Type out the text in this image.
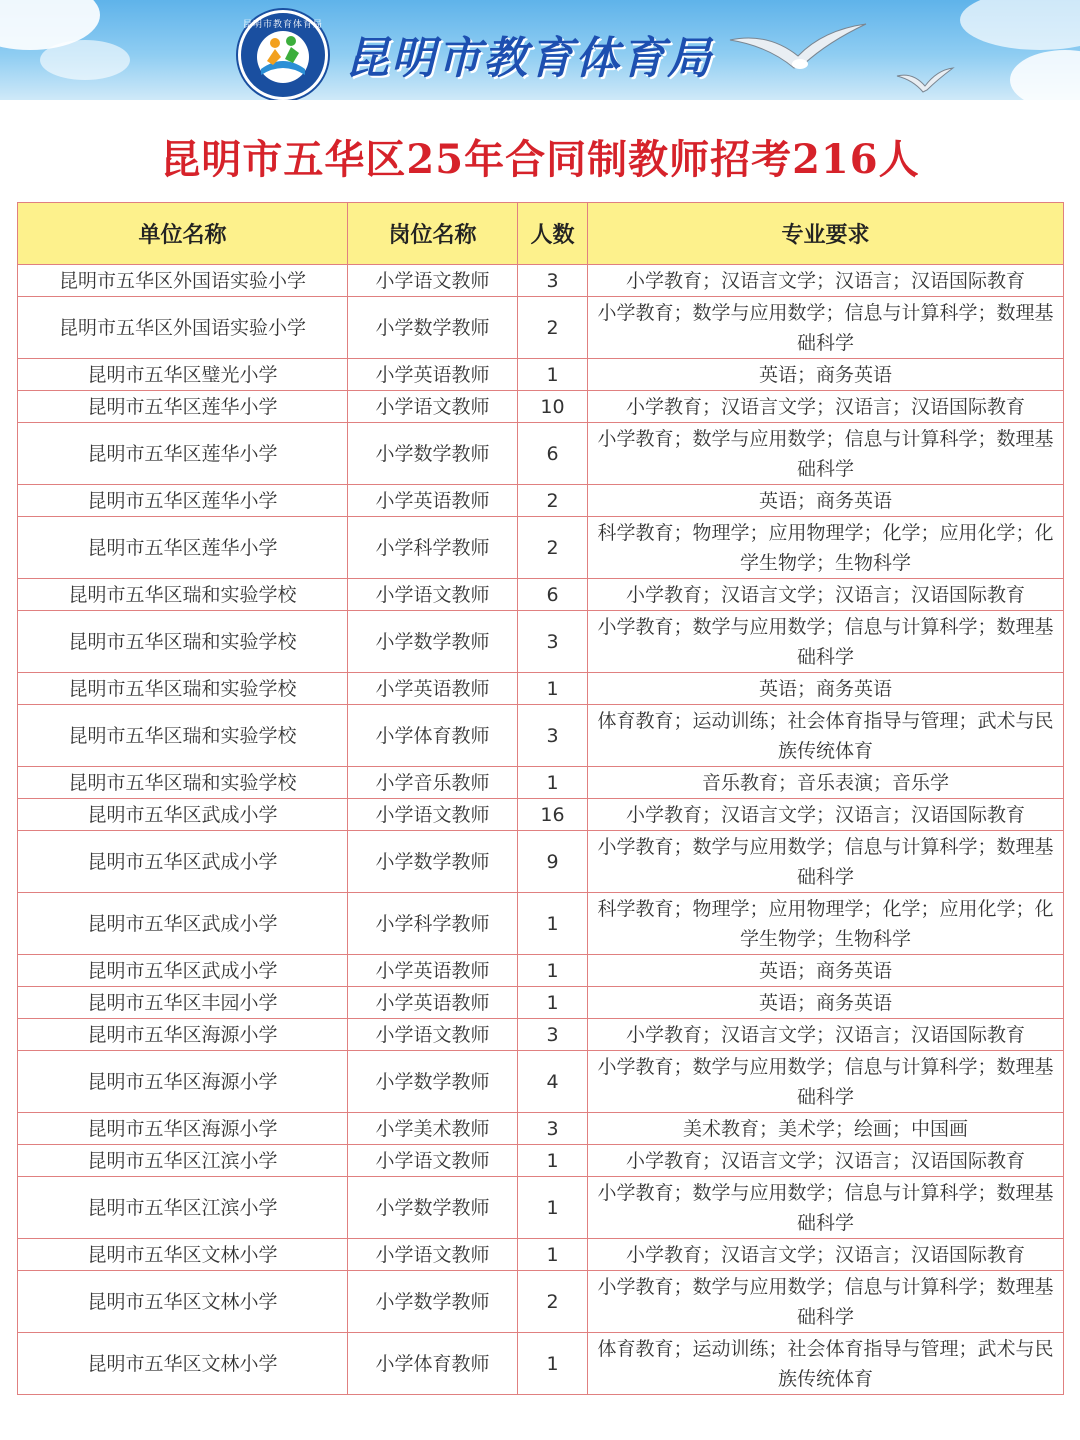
昆明市教育体育局
昆明市教育体育局
昆明市五华区25年合同制教师招考216人
单位名称	岗位名称	人数	专业要求
昆明市五华区外国语实验小学	小学语文教师	3	小学教育；汉语言文学；汉语言；汉语国际教育
昆明市五华区外国语实验小学	小学数学教师	2	小学教育；数学与应用数学；信息与计算科学；数理基础科学
昆明市五华区璧光小学	小学英语教师	1	英语；商务英语
昆明市五华区莲华小学	小学语文教师	10	小学教育；汉语言文学；汉语言；汉语国际教育
昆明市五华区莲华小学	小学数学教师	6	小学教育；数学与应用数学；信息与计算科学；数理基础科学
昆明市五华区莲华小学	小学英语教师	2	英语；商务英语
昆明市五华区莲华小学	小学科学教师	2	科学教育；物理学；应用物理学；化学；应用化学；化学生物学；生物科学
昆明市五华区瑞和实验学校	小学语文教师	6	小学教育；汉语言文学；汉语言；汉语国际教育
昆明市五华区瑞和实验学校	小学数学教师	3	小学教育；数学与应用数学；信息与计算科学；数理基础科学
昆明市五华区瑞和实验学校	小学英语教师	1	英语；商务英语
昆明市五华区瑞和实验学校	小学体育教师	3	体育教育；运动训练；社会体育指导与管理；武术与民族传统体育
昆明市五华区瑞和实验学校	小学音乐教师	1	音乐教育；音乐表演；音乐学
昆明市五华区武成小学	小学语文教师	16	小学教育；汉语言文学；汉语言；汉语国际教育
昆明市五华区武成小学	小学数学教师	9	小学教育；数学与应用数学；信息与计算科学；数理基础科学
昆明市五华区武成小学	小学科学教师	1	科学教育；物理学；应用物理学；化学；应用化学；化学生物学；生物科学
昆明市五华区武成小学	小学英语教师	1	英语；商务英语
昆明市五华区丰园小学	小学英语教师	1	英语；商务英语
昆明市五华区海源小学	小学语文教师	3	小学教育；汉语言文学；汉语言；汉语国际教育
昆明市五华区海源小学	小学数学教师	4	小学教育；数学与应用数学；信息与计算科学；数理基础科学
昆明市五华区海源小学	小学美术教师	3	美术教育；美术学；绘画；中国画
昆明市五华区江滨小学	小学语文教师	1	小学教育；汉语言文学；汉语言；汉语国际教育
昆明市五华区江滨小学	小学数学教师	1	小学教育；数学与应用数学；信息与计算科学；数理基础科学
昆明市五华区文林小学	小学语文教师	1	小学教育；汉语言文学；汉语言；汉语国际教育
昆明市五华区文林小学	小学数学教师	2	小学教育；数学与应用数学；信息与计算科学；数理基础科学
昆明市五华区文林小学	小学体育教师	1	体育教育；运动训练；社会体育指导与管理；武术与民族传统体育
